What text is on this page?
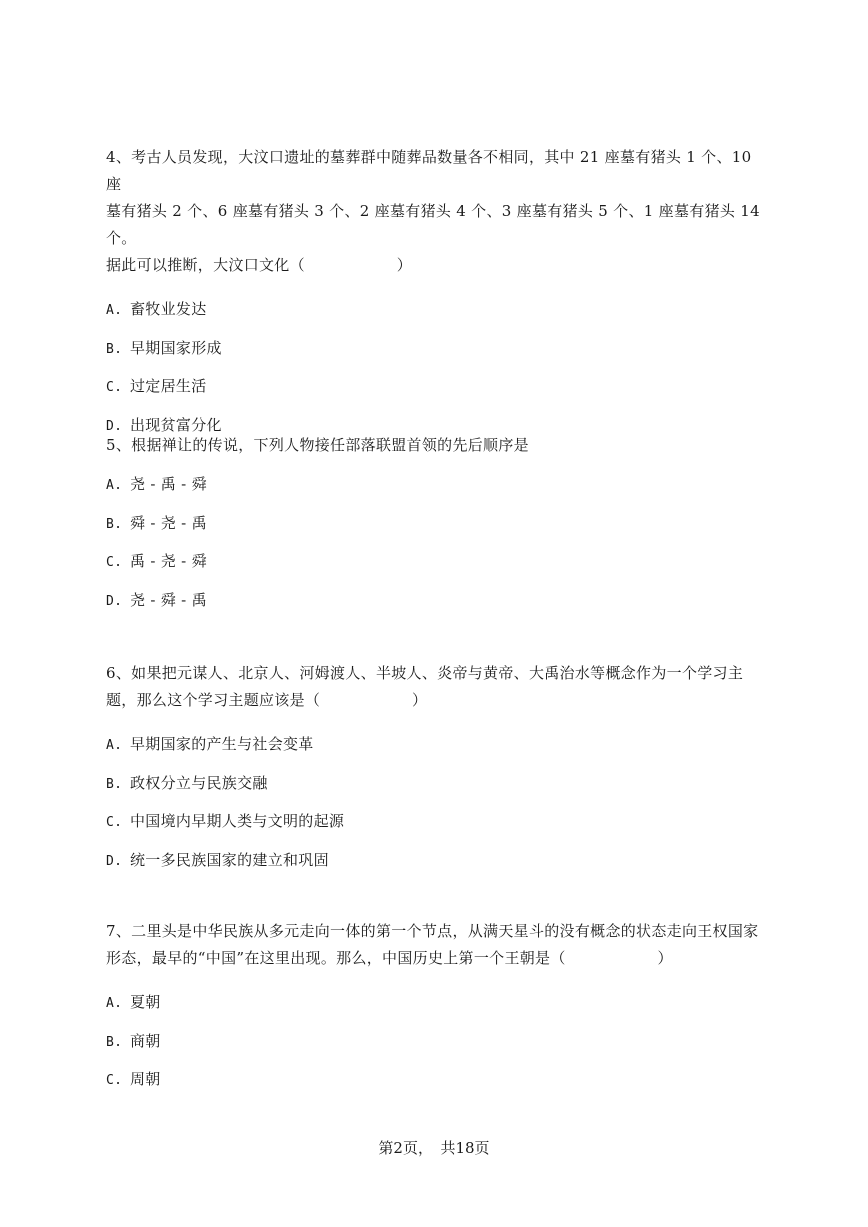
4、考古人员发现，大汶口遗址的墓葬群中随葬品数量各不相同，其中 21 座墓有猪头 1 个、10 座

墓有猪头 2 个、6 座墓有猪头 3 个、2 座墓有猪头 4 个、3 座墓有猪头 5 个、1 座墓有猪头 14 个。

据此可以推断，大汶口文化（　　　　　　）

A. 畜牧业发达

B. 早期国家形成

C. 过定居生活

D. 出现贫富分化

5、根据禅让的传说，下列人物接任部落联盟首领的先后顺序是

A. 尧 - 禹 - 舜

B. 舜 - 尧 - 禹

C. 禹 - 尧 - 舜

D. 尧 - 舜 - 禹

6、如果把元谋人、北京人、河姆渡人、半坡人、炎帝与黄帝、大禹治水等概念作为一个学习主

题，那么这个学习主题应该是（　　　　　　）

A. 早期国家的产生与社会变革

B. 政权分立与民族交融

C. 中国境内早期人类与文明的起源

D. 统一多民族国家的建立和巩固

7、二里头是中华民族从多元走向一体的第一个节点，从满天星斗的没有概念的状态走向王权国家

形态，最早的“中国”在这里出现。那么，中国历史上第一个王朝是（　　　　　　）

A. 夏朝

B. 商朝

C. 周朝

第2页，　共18页
